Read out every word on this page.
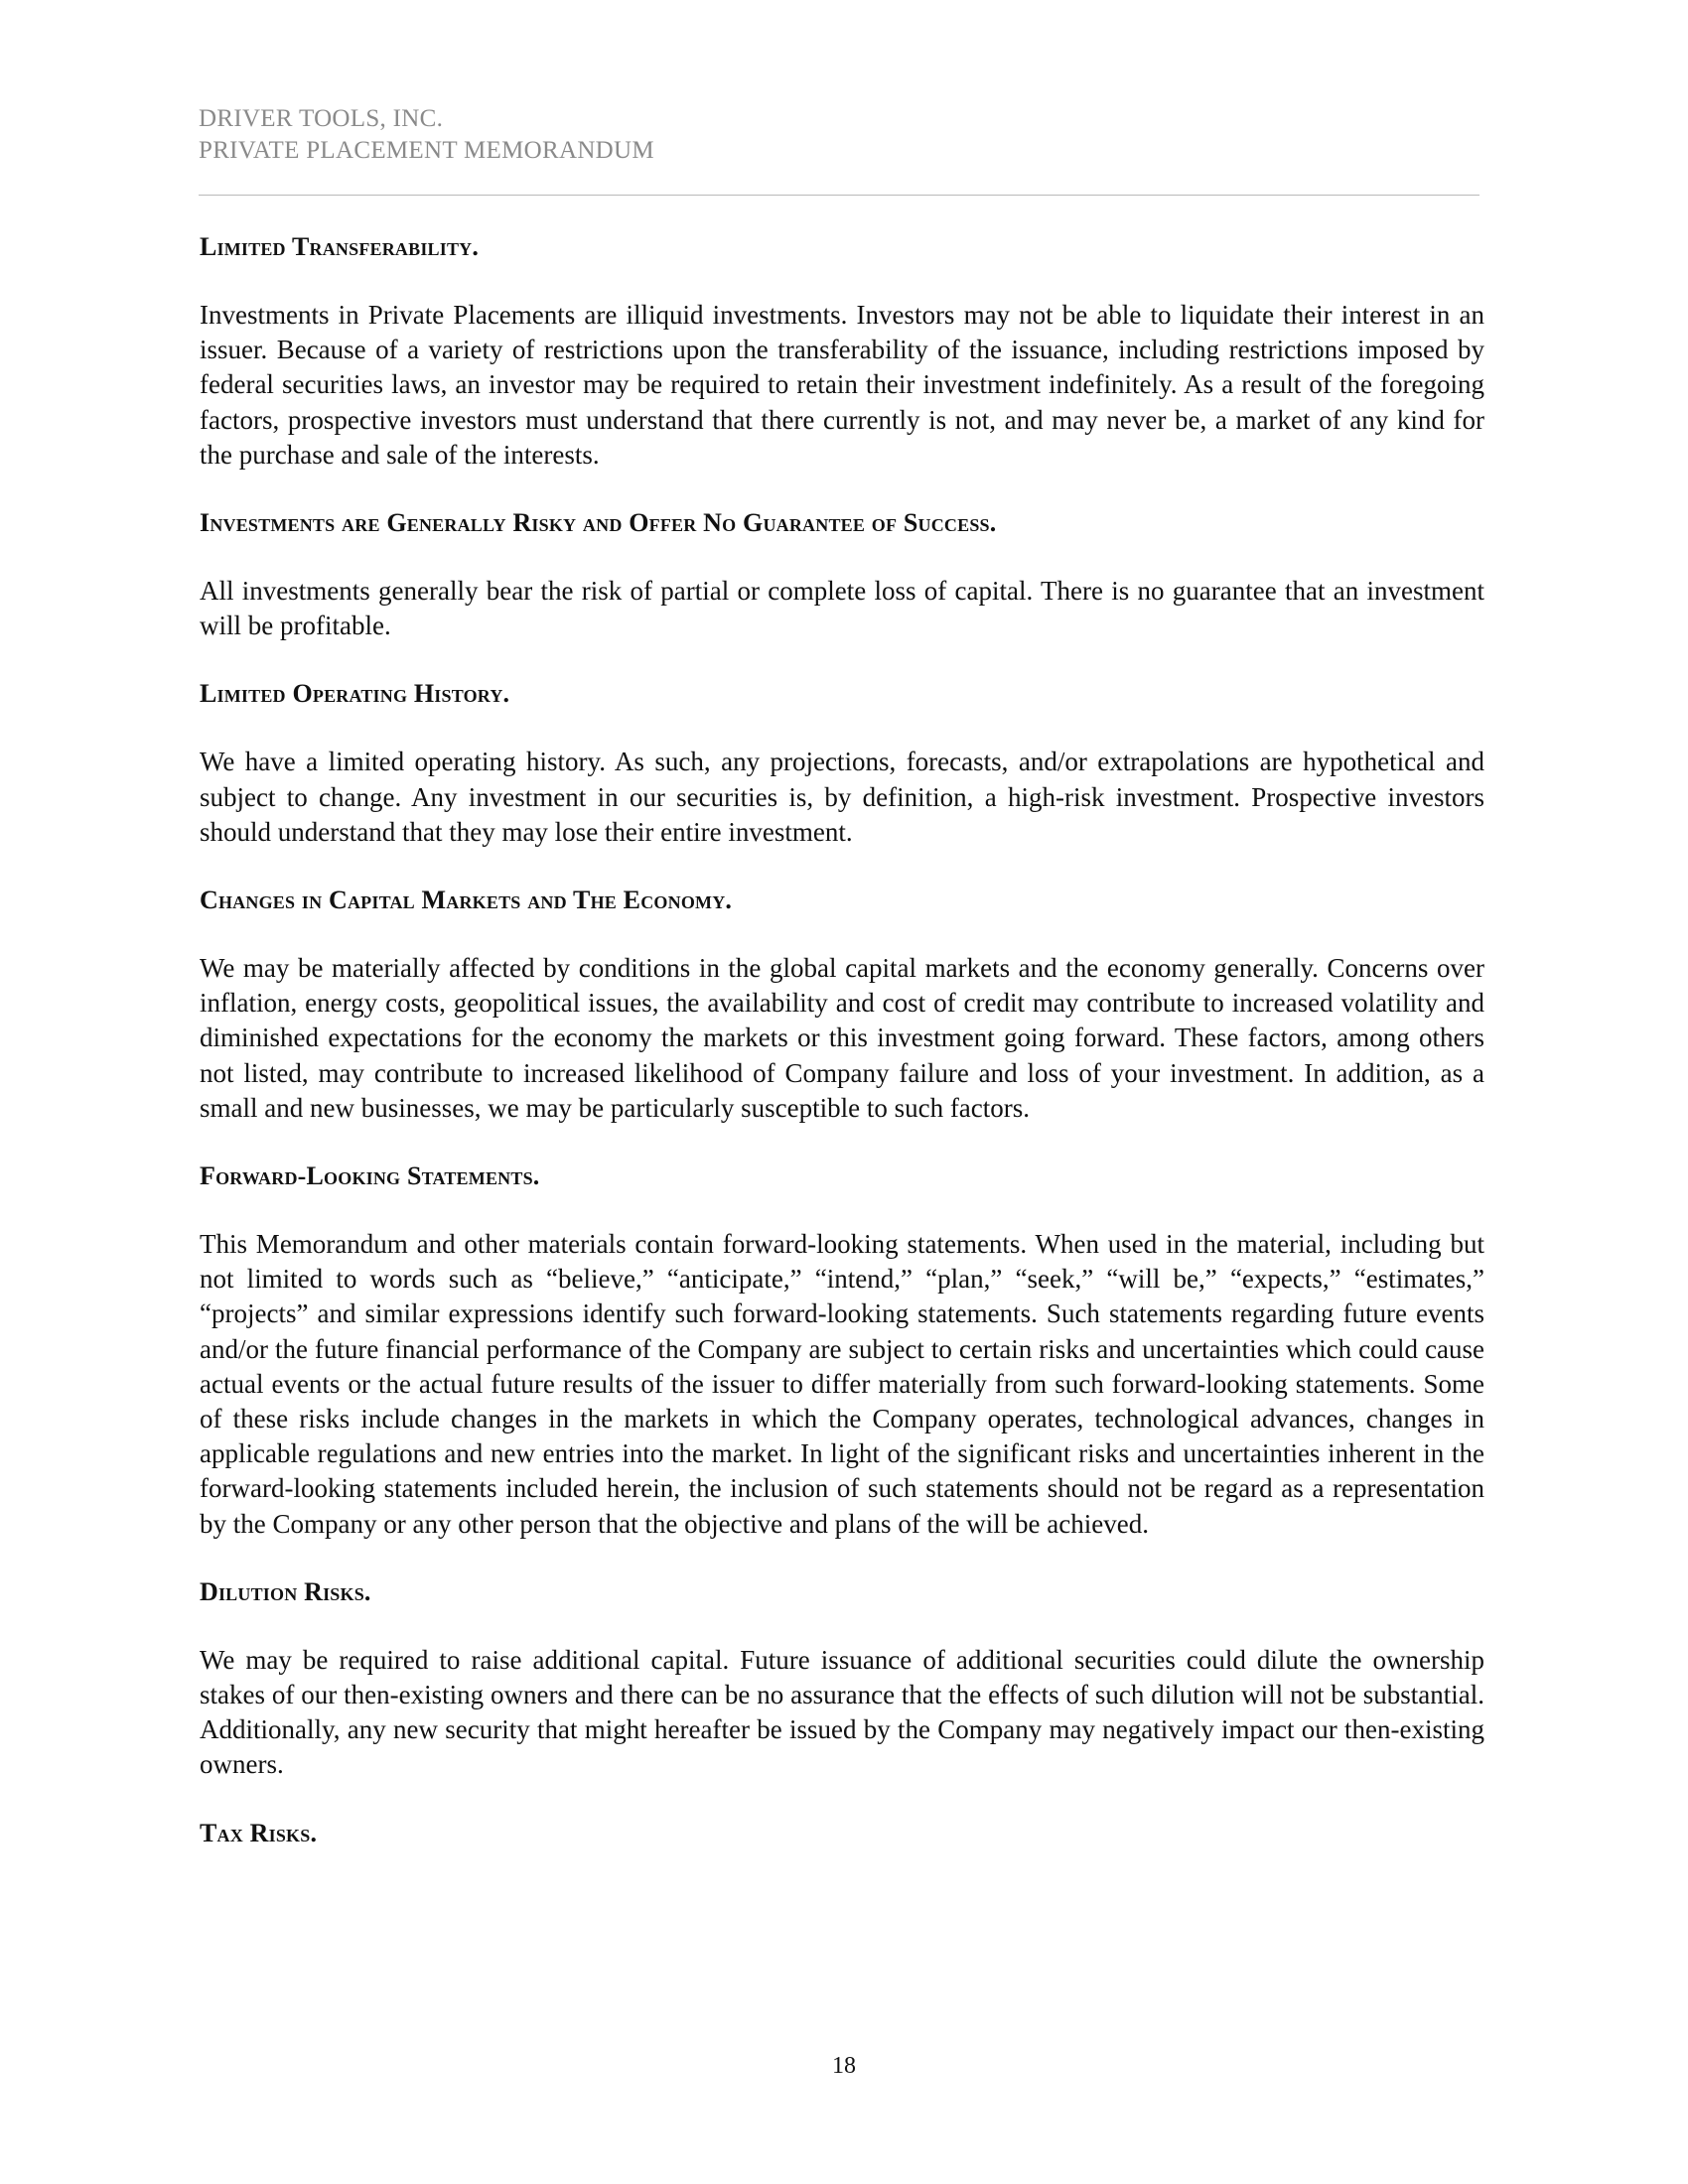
DRIVER TOOLS, INC.
PRIVATE PLACEMENT MEMORANDUM
Limited Transferability.

Investments in Private Placements are illiquid investments. Investors may not be able to liquidate their interest in an issuer. Because of a variety of restrictions upon the transferability of the issuance, including restrictions imposed by federal securities laws, an investor may be required to retain their investment indefinitely. As a result of the foregoing factors, prospective investors must understand that there currently is not, and may never be, a market of any kind for the purchase and sale of the interests.

Investments are Generally Risky and Offer No Guarantee of Success.

All investments generally bear the risk of partial or complete loss of capital. There is no guarantee that an investment will be profitable.

Limited Operating History.

We have a limited operating history. As such, any projections, forecasts, and/or extrapolations are hypothetical and subject to change. Any investment in our securities is, by definition, a high-risk investment. Prospective investors should understand that they may lose their entire investment.

Changes in Capital Markets and The Economy.

We may be materially affected by conditions in the global capital markets and the economy generally. Concerns over inflation, energy costs, geopolitical issues, the availability and cost of credit may contribute to increased volatility and diminished expectations for the economy the markets or this investment going forward. These factors, among others not listed, may contribute to increased likelihood of Company failure and loss of your investment. In addition, as a small and new businesses, we may be particularly susceptible to such factors.

Forward-Looking Statements.

This Memorandum and other materials contain forward-looking statements. When used in the material, including but not limited to words such as “believe,” “anticipate,” “intend,” “plan,” “seek,” “will be,” “expects,” “estimates,” “projects” and similar expressions identify such forward-looking statements. Such statements regarding future events and/or the future financial performance of the Company are subject to certain risks and uncertainties which could cause actual events or the actual future results of the issuer to differ materially from such forward-looking statements. Some of these risks include changes in the markets in which the Company operates, technological advances, changes in applicable regulations and new entries into the market. In light of the significant risks and uncertainties inherent in the forward-looking statements included herein, the inclusion of such statements should not be regard as a representation by the Company or any other person that the objective and plans of the will be achieved.

Dilution Risks.

We may be required to raise additional capital. Future issuance of additional securities could dilute the ownership stakes of our then-existing owners and there can be no assurance that the effects of such dilution will not be substantial. Additionally, any new security that might hereafter be issued by the Company may negatively impact our then-existing owners.

Tax Risks.
18
